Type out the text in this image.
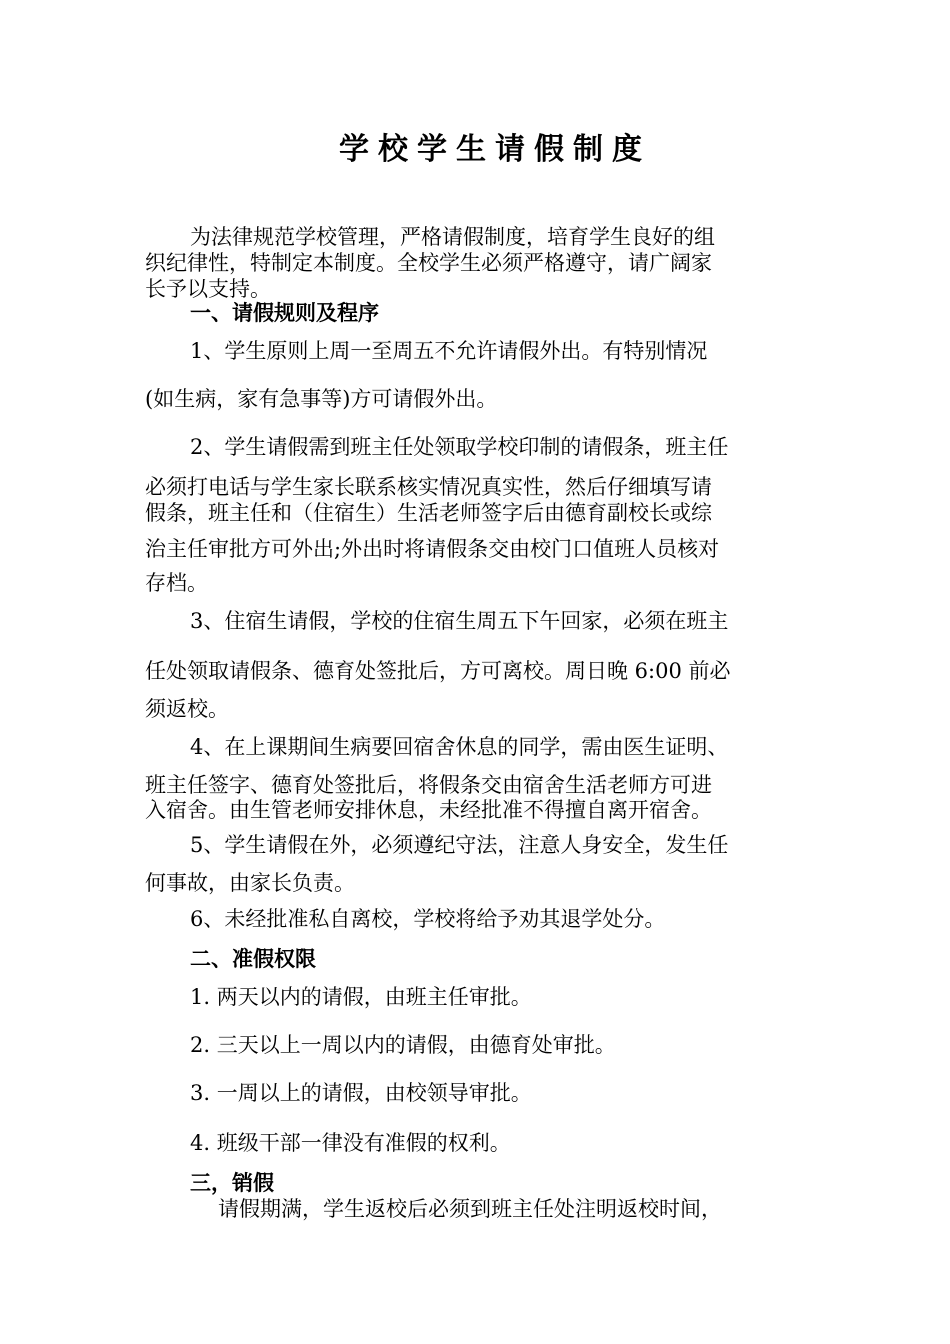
学校学生请假制度
为法律规范学校管理，严格请假制度，培育学生良好的组
织纪律性，特制定本制度。全校学生必须严格遵守，请广阔家
长予以支持。
一、请假规则及程序
1、学生原则上周一至周五不允许请假外出。有特别情况
(如生病，家有急事等)方可请假外出。
2、学生请假需到班主任处领取学校印制的请假条，班主任
必须打电话与学生家长联系核实情况真实性，然后仔细填写请
假条，班主任和（住宿生）生活老师签字后由德育副校长或综
治主任审批方可外出;外出时将请假条交由校门口值班人员核对
存档。
3、住宿生请假，学校的住宿生周五下午回家，必须在班主
任处领取请假条、德育处签批后，方可离校。周日晚 6:00 前必
须返校。
4、在上课期间生病要回宿舍休息的同学，需由医生证明、
班主任签字、德育处签批后，将假条交由宿舍生活老师方可进
入宿舍。由生管老师安排休息，未经批准不得擅自离开宿舍。
5、学生请假在外，必须遵纪守法，注意人身安全，发生任
何事故，由家长负责。
6、未经批准私自离校，学校将给予劝其退学处分。
二、准假权限
1. 两天以内的请假，由班主任审批。
2. 三天以上一周以内的请假，由德育处审批。
3. 一周以上的请假，由校领导审批。
4. 班级干部一律没有准假的权利。
三，销假
请假期满，学生返校后必须到班主任处注明返校时间，
